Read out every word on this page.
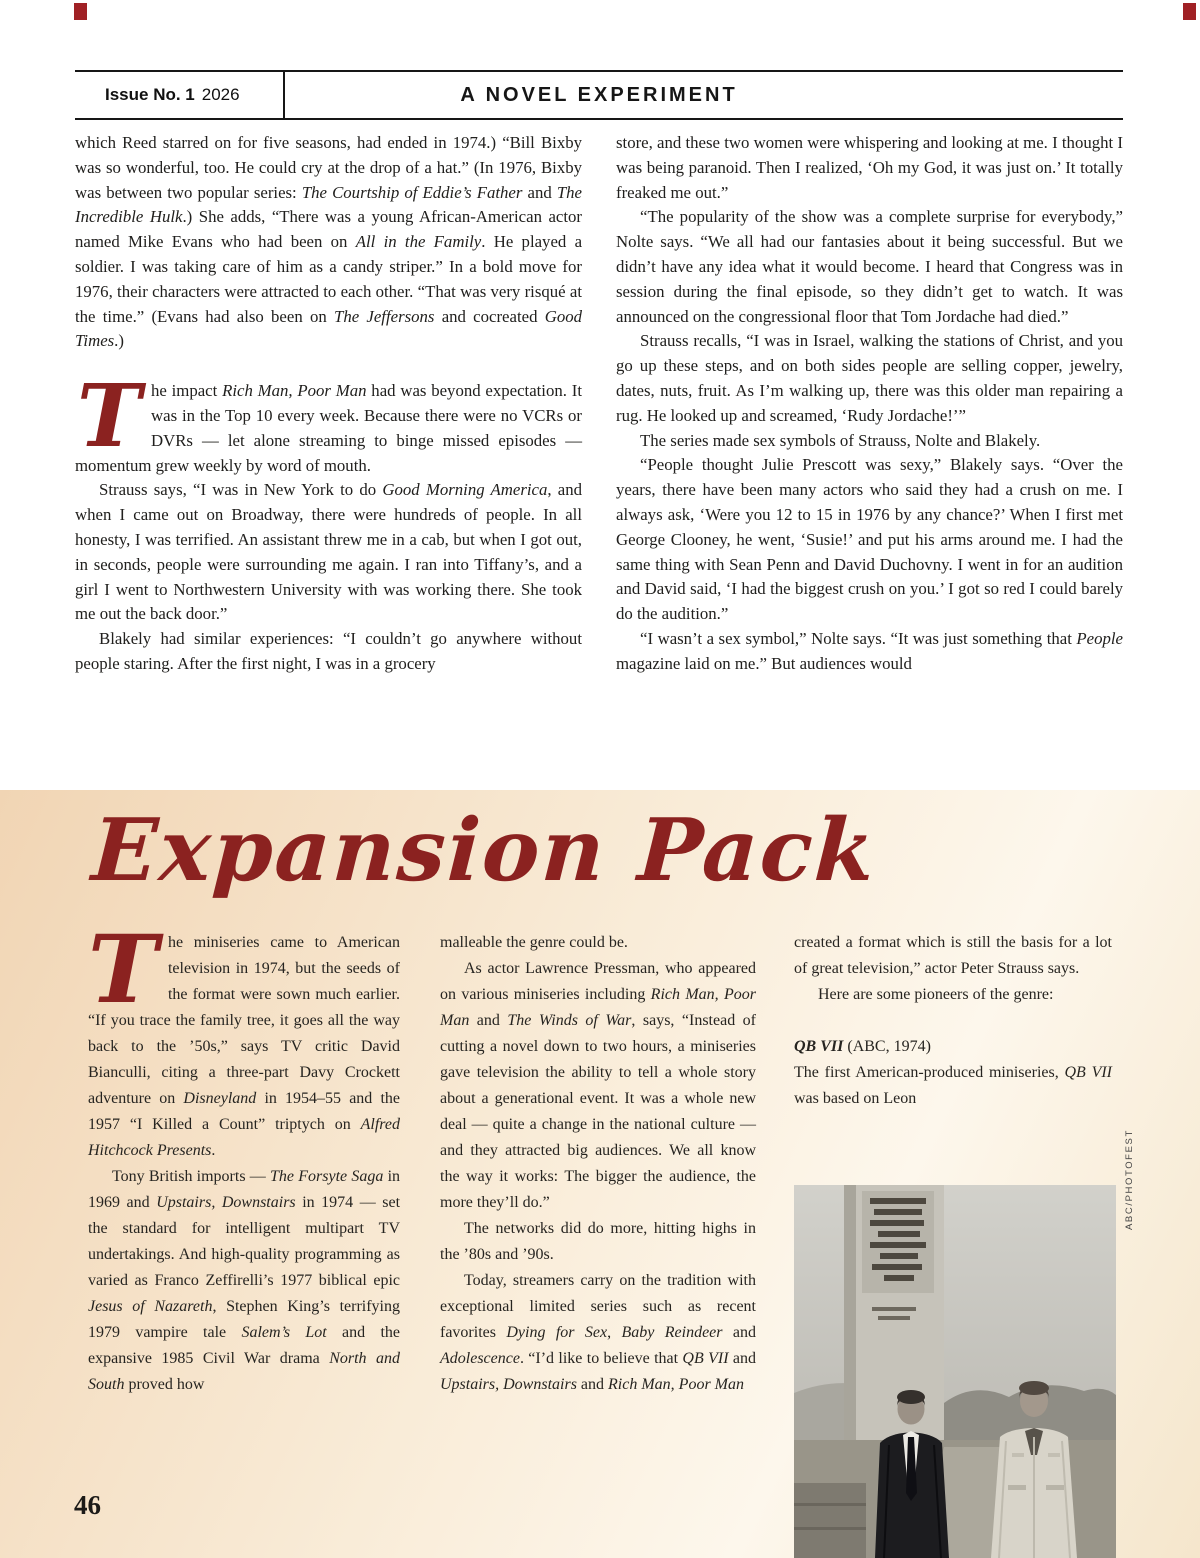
Issue No. 1 2026	A NOVEL EXPERIMENT

which Reed starred on for five seasons, had ended in 1974.) “Bill Bixby was so wonderful, too. He could cry at the drop of a hat.” (In 1976, Bixby was between two popular series: The Courtship of Eddie’s Father and The Incredible Hulk.) She adds, “There was a young African-American actor named Mike Evans who had been on All in the Family. He played a soldier. I was taking care of him as a candy striper.” In a bold move for 1976, their characters were attracted to each other. “That was very risqué at the time.” (Evans had also been on The Jeffersons and cocreated Good Times.)

The impact Rich Man, Poor Man had was beyond expectation. It was in the Top 10 every week. Because there were no VCRs or DVRs — let alone streaming to binge missed episodes — momentum grew weekly by word of mouth.

Strauss says, “I was in New York to do Good Morning America, and when I came out on Broadway, there were hundreds of people. In all honesty, I was terrified. An assistant threw me in a cab, but when I got out, in seconds, people were surrounding me again. I ran into Tiffany’s, and a girl I went to Northwestern University with was working there. She took me out the back door.”

Blakely had similar experiences: “I couldn’t go anywhere without people staring. After the first night, I was in a grocery

store, and these two women were whispering and looking at me. I thought I was being paranoid. Then I realized, ‘Oh my God, it was just on.’ It totally freaked me out.”

“The popularity of the show was a complete surprise for everybody,” Nolte says. “We all had our fantasies about it being successful. But we didn’t have any idea what it would become. I heard that Congress was in session during the final episode, so they didn’t get to watch. It was announced on the congressional floor that Tom Jordache had died.”

Strauss recalls, “I was in Israel, walking the stations of Christ, and you go up these steps, and on both sides people are selling copper, jewelry, dates, nuts, fruit. As I’m walking up, there was this older man repairing a rug. He looked up and screamed, ‘Rudy Jordache!’”

The series made sex symbols of Strauss, Nolte and Blakely.

“People thought Julie Prescott was sexy,” Blakely says. “Over the years, there have been many actors who said they had a crush on me. I always ask, ‘Were you 12 to 15 in 1976 by any chance?’ When I first met George Clooney, he went, ‘Susie!’ and put his arms around me. I had the same thing with Sean Penn and David Duchovny. I went in for an audition and David said, ‘I had the biggest crush on you.’ I got so red I could barely do the audition.”

“I wasn’t a sex symbol,” Nolte says. “It was just something that People magazine laid on me.” But audiences would

Expansion Pack

The miniseries came to American television in 1974, but the seeds of the format were sown much earlier. “If you trace the family tree, it goes all the way back to the ’50s,” says TV critic David Bianculli, citing a three-part Davy Crockett adventure on Disneyland in 1954–55 and the 1957 “I Killed a Count” triptych on Alfred Hitchcock Presents.

Tony British imports — The Forsyte Saga in 1969 and Upstairs, Downstairs in 1974 — set the standard for intelligent multipart TV undertakings. And high-quality programming as varied as Franco Zeffirelli’s 1977 biblical epic Jesus of Nazareth, Stephen King’s terrifying 1979 vampire tale Salem’s Lot and the expansive 1985 Civil War drama North and South proved how

malleable the genre could be.

As actor Lawrence Pressman, who appeared on various miniseries including Rich Man, Poor Man and The Winds of War, says, “Instead of cutting a novel down to two hours, a miniseries gave television the ability to tell a whole story about a generational event. It was a whole new deal — quite a change in the national culture — and they attracted big audiences. We all know the way it works: The bigger the audience, the more they’ll do.”

The networks did do more, hitting highs in the ’80s and ’90s.

Today, streamers carry on the tradition with exceptional limited series such as recent favorites Dying for Sex, Baby Reindeer and Adolescence. “I’d like to believe that QB VII and Upstairs, Downstairs and Rich Man, Poor Man

created a format which is still the basis for a lot of great television,” actor Peter Strauss says.

Here are some pioneers of the genre:

QB VII (ABC, 1974)

The first American-produced miniseries, QB VII was based on Leon

ABC/PHOTOFEST
46
